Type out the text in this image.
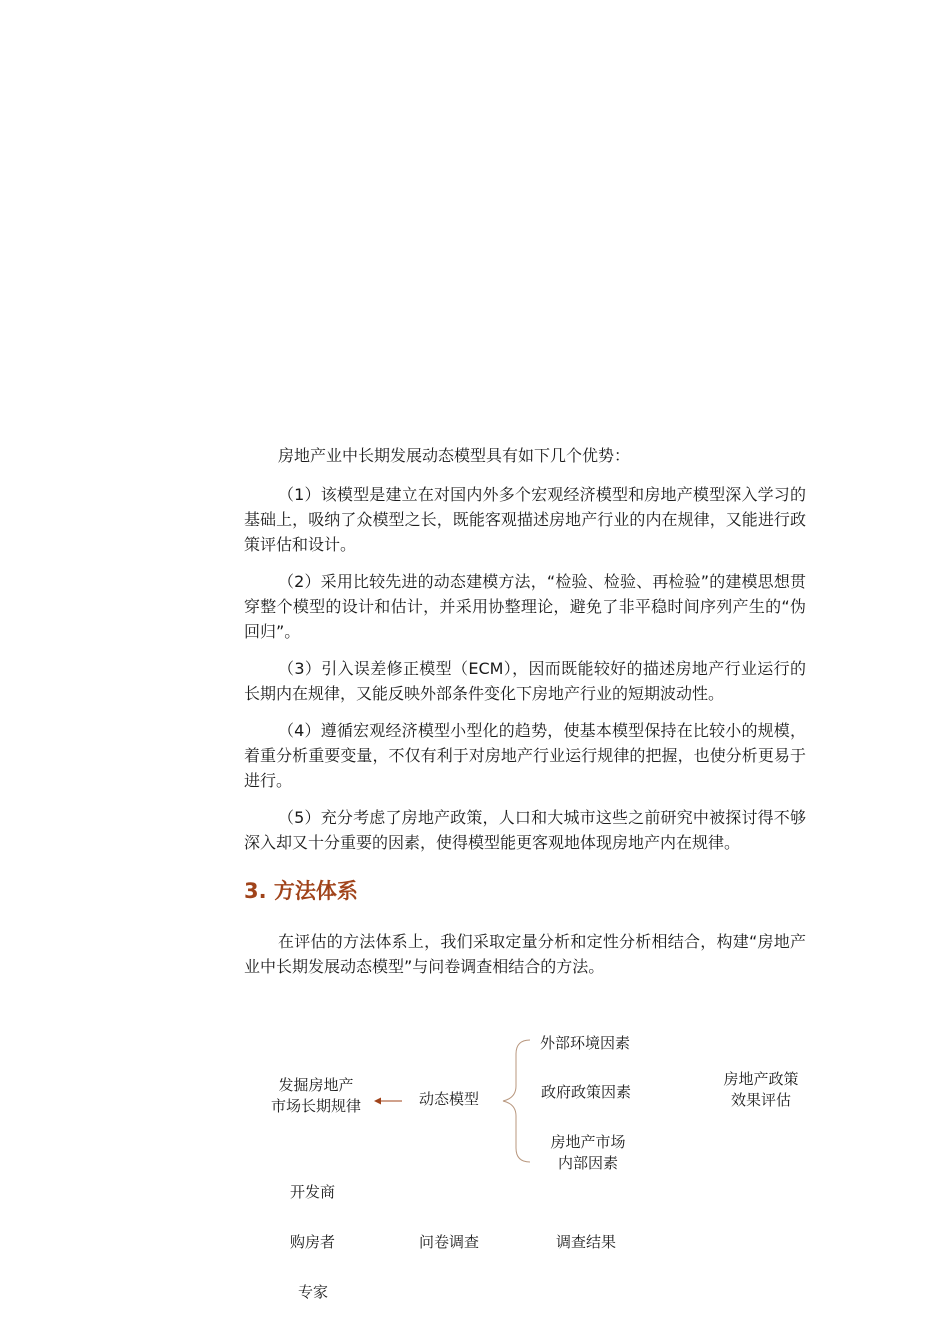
房地产业中长期发展动态模型具有如下几个优势：

（1）该模型是建立在对国内外多个宏观经济模型和房地产模型深入学习的基础上，吸纳了众模型之长，既能客观描述房地产行业的内在规律，又能进行政策评估和设计。

（2）采用比较先进的动态建模方法，“检验、检验、再检验”的建模思想贯穿整个模型的设计和估计，并采用协整理论，避免了非平稳时间序列产生的“伪回归”。

（3）引入误差修正模型（ECM），因而既能较好的描述房地产行业运行的长期内在规律，又能反映外部条件变化下房地产行业的短期波动性。

（4）遵循宏观经济模型小型化的趋势，使基本模型保持在比较小的规模，着重分析重要变量，不仅有利于对房地产行业运行规律的把握，也使分析更易于进行。

（5）充分考虑了房地产政策，人口和大城市这些之前研究中被探讨得不够深入却又十分重要的因素，使得模型能更客观地体现房地产内在规律。

3. 方法体系

在评估的方法体系上，我们采取定量分析和定性分析相结合，构建“房地产业中长期发展动态模型”与问卷调查相结合的方法。

外部环境因素
政府政策因素
房地产市场
内部因素
动态模型
发掘房地产
市场长期规律
房地产政策
效果评估
开发商
购房者
专家
问卷调查	调查结果
